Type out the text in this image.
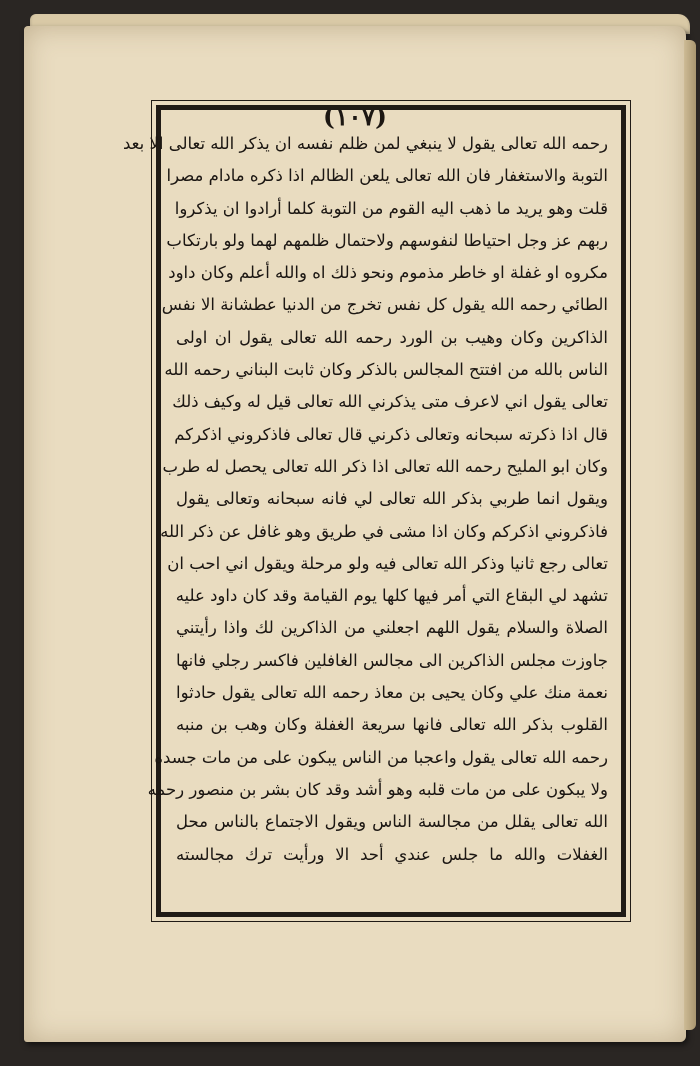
(١٠٧)
رحمه الله تعالى يقول لا ينبغي لمن ظلم نفسه ان يذكر الله تعالى الا بعد
التوبة والاستغفار فان الله تعالى يلعن الظالم اذا ذكره مادام مصرا
قلت وهو يريد ما ذهب اليه القوم من التوبة كلما أرادوا ان يذكروا
ربهم عز وجل احتياطا لنفوسهم ولاحتمال ظلمهم لهما ولو بارتكاب
مكروه او غفلة او خاطر مذموم ونحو ذلك اه والله أعلم وكان داود
الطائي رحمه الله يقول كل نفس تخرج من الدنيا عطشانة الا نفس
الذاكرين وكان وهيب بن الورد رحمه الله تعالى يقول ان اولى
الناس بالله من افتتح المجالس بالذكر وكان ثابت البناني رحمه الله
تعالى يقول اني لاعرف متى يذكرني الله تعالى قيل له وكيف ذلك
قال اذا ذكرته سبحانه وتعالى ذكرني قال تعالى فاذكروني اذكركم
وكان ابو المليح رحمه الله تعالى اذا ذكر الله تعالى يحصل له طرب
ويقول انما طربي بذكر الله تعالى لي فانه سبحانه وتعالى يقول
فاذكروني اذكركم وكان اذا مشى في طريق وهو غافل عن ذكر الله
تعالى رجع ثانيا وذكر الله تعالى فيه ولو مرحلة ويقول اني احب ان
تشهد لي البقاع التي أمر فيها كلها يوم القيامة وقد كان داود عليه
الصلاة والسلام يقول اللهم اجعلني من الذاكرين لك واذا رأيتني
جاوزت مجلس الذاكرين الى مجالس الغافلين فاكسر رجلي فانها
نعمة منك علي وكان يحيى بن معاذ رحمه الله تعالى يقول حادثوا
القلوب بذكر الله تعالى فانها سريعة الغفلة وكان وهب بن منبه
رحمه الله تعالى يقول واعجبا من الناس يبكون على من مات جسده
ولا يبكون على من مات قلبه وهو أشد وقد كان بشر بن منصور رحمه
الله تعالى يقلل من مجالسة الناس ويقول الاجتماع بالناس محل
الغفلات والله ما جلس عندي أحد الا ورأيت ترك مجالسته
